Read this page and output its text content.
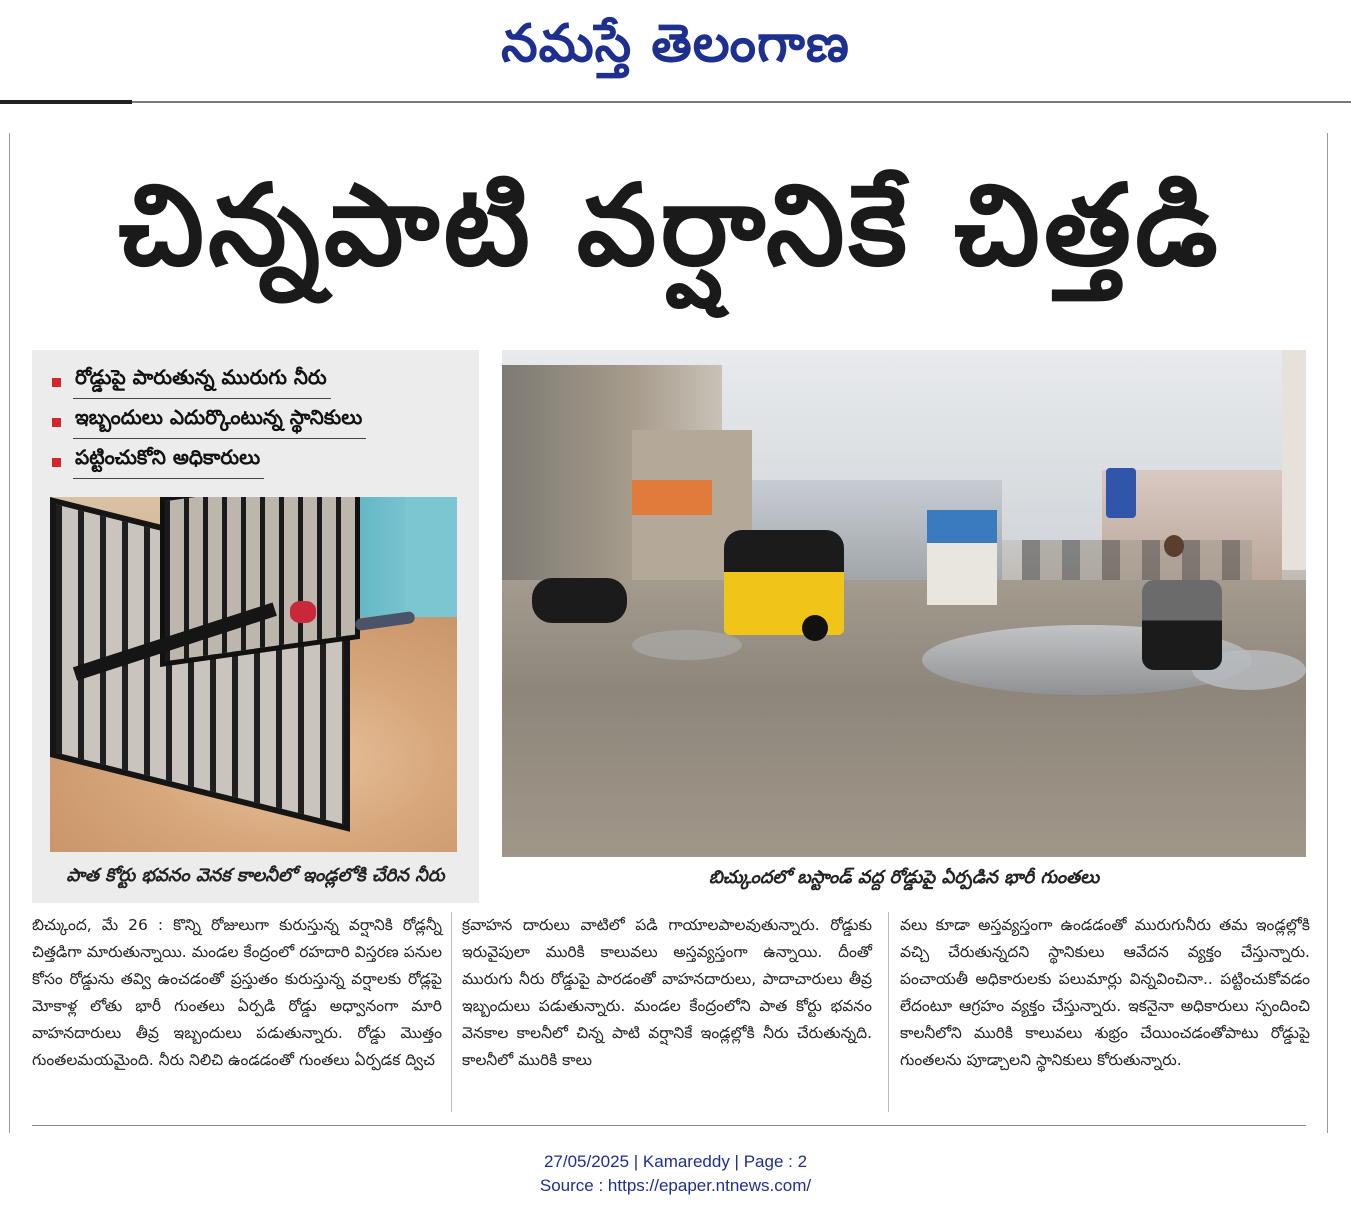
నమస్తే తెలంగాణ
చిన్నపాటి వర్షానికే చిత్తడి
రోడ్డుపై పారుతున్న మురుగు నీరు
ఇబ్బందులు ఎదుర్కొంటున్న స్థానికులు
పట్టించుకోని అధికారులు
పాత కోర్టు భవనం వెనక కాలనీలో ఇండ్లలోకి చేరిన నీరు	బిచ్కుందలో బస్టాండ్ వద్ద రోడ్డుపై ఏర్పడిన భారీ గుంతలు
బిచ్కుంద, మే 26 : కొన్ని రోజులుగా కురుస్తున్న వర్షానికి రోడ్లన్నీ చిత్తడిగా మారుతున్నాయి. మండల కేంద్రంలో రహదారి విస్తరణ పనుల కోసం రోడ్డును తవ్వి ఉంచడంతో ప్రస్తుతం కురుస్తున్న వర్షాలకు రోడ్లపై మోకాళ్ల లోతు భారీ గుంతలు ఏర్పడి రోడ్డు అధ్వానంగా మారి వాహనదారులు తీవ్ర ఇబ్బందులు పడుతున్నారు. రోడ్డు మొత్తం గుంతలమయమైంది. నీరు నిలిచి ఉండడంతో గుంతలు ఏర్పడక ద్విచ
క్రవాహన దారులు వాటిలో పడి గాయాలపాలవుతున్నారు. రోడ్డుకు ఇరువైపులా మురికి కాలువలు అస్తవ్యస్తంగా ఉన్నాయి. దీంతో మురుగు నీరు రోడ్డుపై పారడంతో వాహనదారులు, పాదాచారులు తీవ్ర ఇబ్బందులు పడుతున్నారు. మండల కేంద్రంలోని పాత కోర్టు భవనం వెనకాల కాలనీలో చిన్న పాటి వర్షానికే ఇండ్లల్లోకి నీరు చేరుతున్నది. కాలనీలో మురికి కాలు
వలు కూడా అస్తవ్యస్తంగా ఉండడంతో మురుగునీరు తమ ఇండ్లల్లోకి వచ్చి చేరుతున్నదని స్థానికులు ఆవేదన వ్యక్తం చేస్తున్నారు. పంచాయతీ అధికారులకు పలుమార్లు విన్నవించినా.. పట్టించుకోవడం లేదంటూ ఆగ్రహం వ్యక్తం చేస్తున్నారు. ఇకనైనా అధికారులు స్పందించి కాలనీలోని మురికి కాలువలు శుభ్రం చేయించడంతోపాటు రోడ్డుపై గుంతలను పూడ్చాలని స్థానికులు కోరుతున్నారు.
27/05/2025 | Kamareddy | Page : 2
Source : https://epaper.ntnews.com/
